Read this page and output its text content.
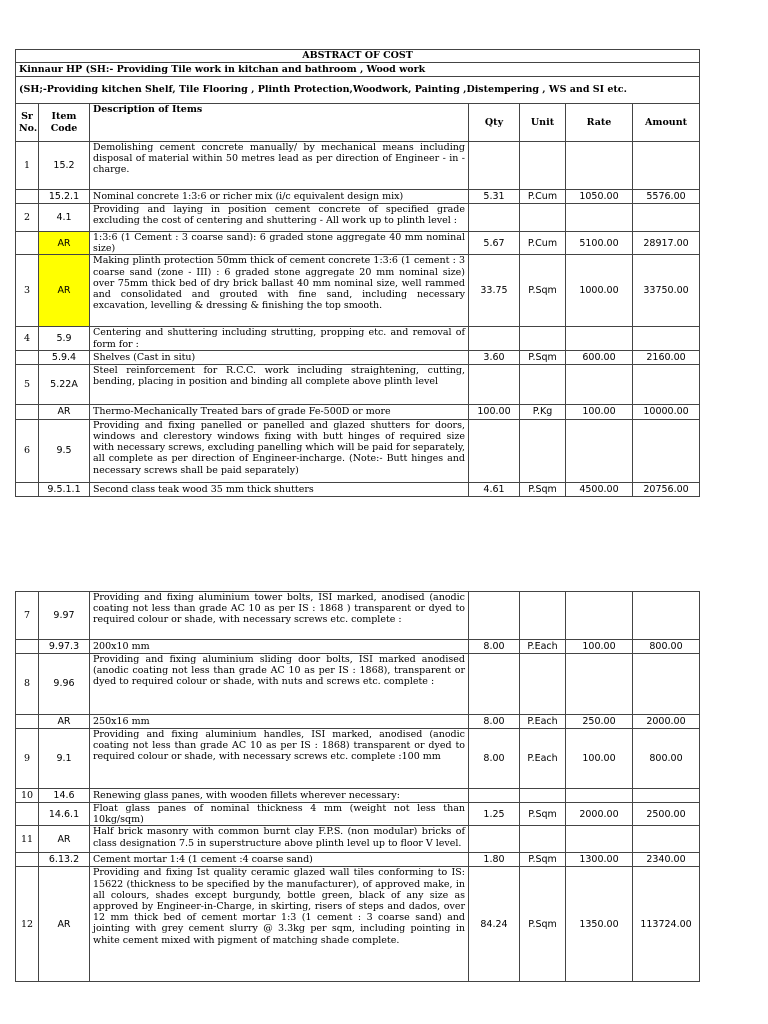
ABSTRACT OF COST						
Kinnaur HP (SH:- Providing Tile work in kitchan and bathroom , Wood work						
(SH;-Providing kitchen Shelf, Tile Flooring , Plinth Protection,Woodwork, Painting ,Distempering , WS and SI etc.						
Sr No.	Item Code	Description of Items	Qty	Unit	Rate	Amount
1	15.2	Demolishing cement concrete manually/ by mechanical means including disposal of material within 50 metres lead as per direction of Engineer - in - charge.				
	15.2.1	Nominal concrete 1:3:6 or richer mix (i/c equivalent design mix)	5.31	P.Cum	1050.00	5576.00
2	4.1	Providing and laying in position cement concrete of specified grade excluding the cost of centering and shuttering - All work up to plinth level :				
	AR	1:3:6 (1 Cement : 3 coarse sand): 6 graded stone aggregate 40 mm nominal size)	5.67	P.Cum	5100.00	28917.00
3	AR	Making plinth protection 50mm thick of cement concrete 1:3:6 (1 cement : 3 coarse sand (zone - III) : 6 graded stone aggregate 20 mm nominal size) over 75mm thick bed of dry brick ballast 40 mm nominal size, well rammed and consolidated and grouted with fine sand, including necessary excavation, levelling & dressing & finishing the top smooth.	33.75	P.Sqm	1000.00	33750.00
4	5.9	Centering and shuttering including strutting, propping etc. and removal of form for :				
	5.9.4	Shelves (Cast in situ)	3.60	P.Sqm	600.00	2160.00
5	5.22A	Steel reinforcement for R.C.C. work including straightening, cutting, bending, placing in position and binding all complete above plinth level				
	AR	Thermo-Mechanically Treated bars of grade Fe-500D or more	100.00	P.Kg	100.00	10000.00
6	9.5	Providing and fixing panelled or panelled and glazed shutters for doors, windows and clerestory windows fixing with butt hinges of required size with necessary screws, excluding panelling which will be paid for separately, all complete as per direction of Engineer-incharge. (Note:- Butt hinges and necessary screws shall be paid separately)				
	9.5.1.1	Second class teak wood 35 mm thick shutters	4.61	P.Sqm	4500.00	20756.00
7	9.97	Providing and fixing aluminium tower bolts, ISI marked, anodised (anodic coating not less than grade AC 10 as per IS : 1868 ) transparent or dyed to required colour or shade, with necessary screws etc. complete :				
	9.97.3	200x10 mm	8.00	P.Each	100.00	800.00
8	9.96	Providing and fixing aluminium sliding door bolts, ISI marked anodised (anodic coating not less than grade AC 10 as per IS : 1868), transparent or dyed to required colour or shade, with nuts and screws etc. complete :				
	AR	250x16 mm	8.00	P.Each	250.00	2000.00
9	9.1	Providing and fixing aluminium handles, ISI marked, anodised (anodic coating not less than grade AC 10 as per IS : 1868) transparent or dyed to required colour or shade, with necessary screws etc. complete :100 mm	8.00	P.Each	100.00	800.00
10	14.6	Renewing glass panes, with wooden fillets wherever necessary:				
	14.6.1	Float glass panes of nominal thickness 4 mm (weight not less than 10kg/sqm)	1.25	P.Sqm	2000.00	2500.00
11	AR	Half brick masonry with common burnt clay F.P.S. (non modular) bricks of class designation 7.5 in superstructure above plinth level up to floor V level.				
	6.13.2	Cement mortar 1:4 (1 cement :4 coarse sand)	1.80	P.Sqm	1300.00	2340.00
12	AR	Providing and fixing Ist quality ceramic glazed wall tiles conforming to IS: 15622 (thickness to be specified by the manufacturer), of approved make, in all colours, shades except burgundy, bottle green, black of any size as approved by Engineer-in-Charge, in skirting, risers of steps and dados, over 12 mm thick bed of cement mortar 1:3 (1 cement : 3 coarse sand) and jointing with grey cement slurry @ 3.3kg per sqm, including pointing in white cement mixed with pigment of matching shade complete.	84.24	P.Sqm	1350.00	113724.00
